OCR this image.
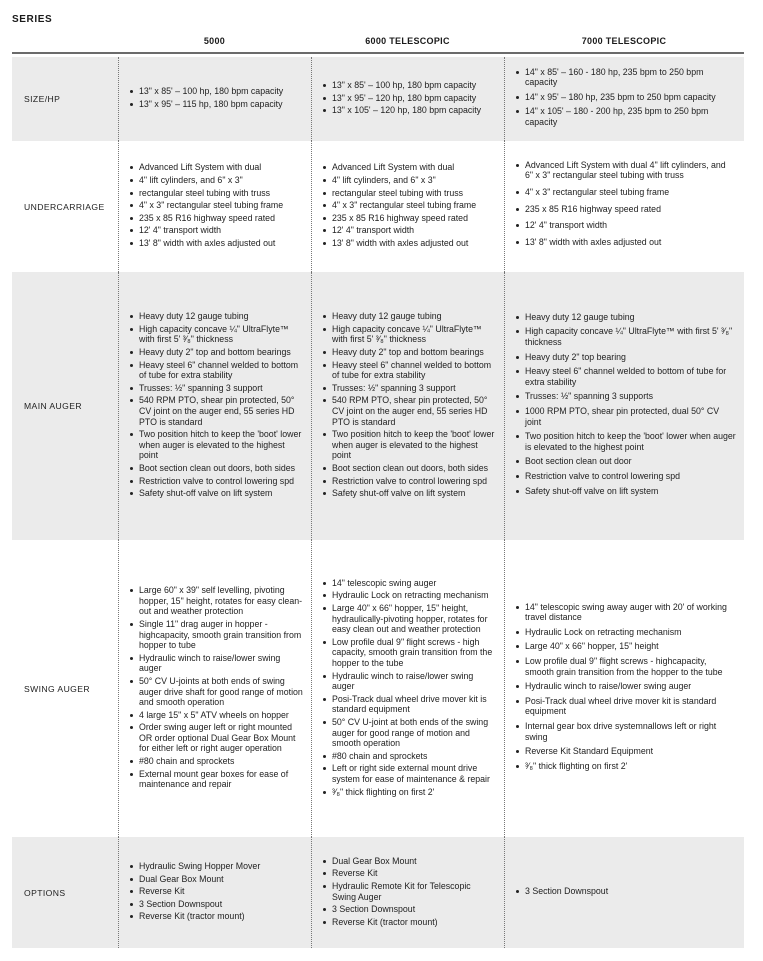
SERIES
5000	6000 TELESCOPIC	7000 TELESCOPIC
SIZE/HP
13" x 85' – 100 hp, 180 bpm capacity
13" x 95' – 115 hp, 180 bpm capacity
13" x 85' – 100 hp, 180 bpm capacity
13" x 95' – 120 hp, 180 bpm capacity
13" x 105' – 120 hp, 180 bpm capacity
14" x 85' – 160 - 180 hp, 235 bpm to 250 bpm capacity
14" x 95' – 180 hp, 235 bpm to 250 bpm capacity
14" x 105' – 180 - 200 hp, 235 bpm to 250 bpm capacity
UNDERCARRIAGE
Advanced Lift System with dual
4" lift cylinders, and 6" x 3"
rectangular steel tubing with truss
4" x 3" rectangular steel tubing frame
235 x 85 R16 highway speed rated
12' 4" transport width
13' 8" width with axles adjusted out
Advanced Lift System with dual
4" lift cylinders, and 6" x 3"
rectangular steel tubing with truss
4" x 3" rectangular steel tubing frame
235 x 85 R16 highway speed rated
12' 4" transport width
13' 8" width with axles adjusted out
Advanced Lift System with dual 4" lift cylinders, and 6" x 3" rectangular steel tubing with truss
4" x 3" rectangular steel tubing frame
235 x 85 R16 highway speed rated
12' 4" transport width
13' 8" width with axles adjusted out
MAIN AUGER
Heavy duty 12 gauge tubing
High capacity concave ¼" UltraFlyte™ with first 5' ³⁄₈" thickness
Heavy duty 2" top and bottom bearings
Heavy steel 6" channel welded to bottom of tube for extra stability
Trusses: ½" spanning 3 support
540 RPM PTO, shear pin protected, 50° CV joint on the auger end, 55 series HD PTO is standard
Two position hitch to keep the 'boot' lower when auger is elevated to the highest point
Boot section clean out doors, both sides
Restriction valve to control lowering spd
Safety shut-off valve on lift system
Heavy duty 12 gauge tubing
High capacity concave ¼" UltraFlyte™ with first 5' ³⁄₈" thickness
Heavy duty 2" top and bottom bearings
Heavy steel 6" channel welded to bottom of tube for extra stability
Trusses: ½" spanning 3 support
540 RPM PTO, shear pin protected, 50° CV joint on the auger end, 55 series HD PTO is standard
Two position hitch to keep the 'boot' lower when auger is elevated to the highest point
Boot section clean out doors, both sides
Restriction valve to control lowering spd
Safety shut-off valve on lift system
Heavy duty 12 gauge tubing
High capacity concave ¼" UltraFlyte™ with first 5' ³⁄₈" thickness
Heavy duty 2" top bearing
Heavy steel 6" channel welded to bottom of tube for extra stability
Trusses: ½" spanning 3 supports
1000 RPM PTO, shear pin protected, dual 50° CV joint
Two position hitch to keep the 'boot' lower when auger is elevated to the highest point
Boot section clean out door
Restriction valve to control lowering spd
Safety shut-off valve on lift system
SWING AUGER
Large 60" x 39" self levelling, pivoting hopper, 15" height, rotates for easy clean-out and weather protection
Single 11" drag auger in hopper - highcapacity, smooth grain transition from hopper to tube
Hydraulic winch to raise/lower swing auger
50° CV U-joints at both ends of swing auger drive shaft for good range of motion and smooth operation
4 large 15" x 5" ATV wheels on hopper
Order swing auger left or right mounted OR order optional Dual Gear Box Mount for either left or right auger operation
#80 chain and sprockets
External mount gear boxes for ease of maintenance and repair
14" telescopic swing auger
Hydraulic Lock on retracting mechanism
Large 40" x 66" hopper, 15" height, hydraulically-pivoting hopper, rotates for easy clean out and weather protection
Low profile dual 9" flight screws - high capacity, smooth grain transition from the hopper to the tube
Hydraulic winch to raise/lower swing auger
Posi-Track dual wheel drive mover kit is standard equipment
50° CV U-joint at both ends of the swing auger for good range of motion and smooth operation
#80 chain and sprockets
Left or right side external mount drive system for ease of maintenance & repair
³⁄₈" thick flighting on first 2'
14" telescopic swing away auger with 20' of working travel distance
Hydraulic Lock on retracting mechanism
Large 40" x 66" hopper, 15" height
Low profile dual 9" flight screws - highcapacity, smooth grain transition from the hopper to the tube
Hydraulic winch to raise/lower swing auger
Posi-Track dual wheel drive mover kit is standard equipment
Internal gear box drive systemnallows left or right swing
Reverse Kit Standard Equipment
³⁄₈" thick flighting on first 2'
OPTIONS
Hydraulic Swing Hopper Mover
Dual Gear Box Mount
Reverse Kit
3 Section Downspout
Reverse Kit (tractor mount)
Dual Gear Box Mount
Reverse Kit
Hydraulic Remote Kit for Telescopic Swing Auger
3 Section Downspout
Reverse Kit (tractor mount)
3 Section Downspout
